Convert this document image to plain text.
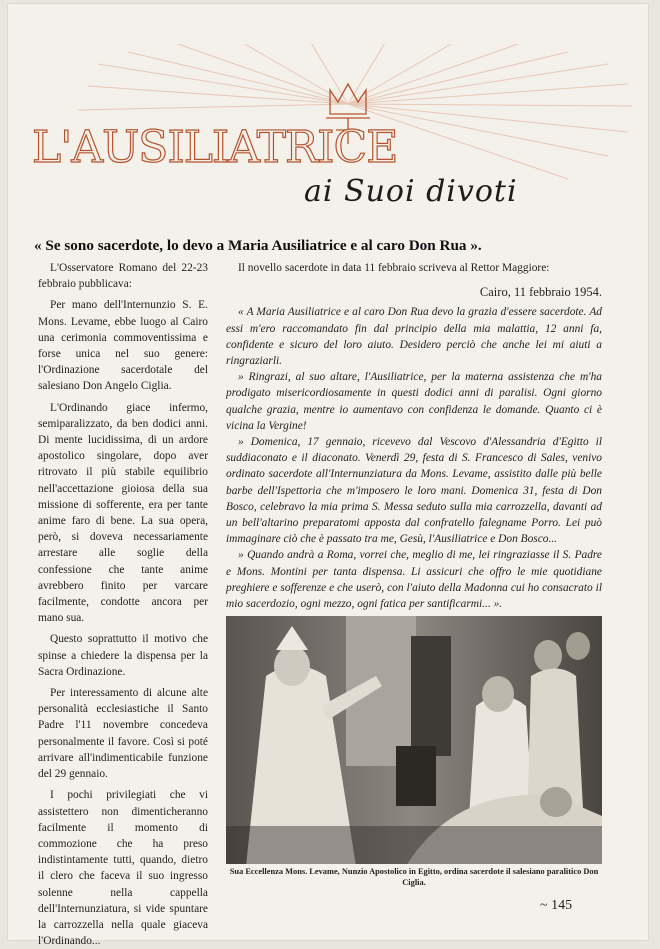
L'AUSILIATRICE
ai Suoi divoti
« Se sono sacerdote, lo devo a Maria Ausiliatrice e al caro Don Rua ».

L'Osservatore Romano del 22-23 febbraio pubblicava:

Per mano dell'Internunzio S. E. Mons. Levame, ebbe luogo al Cairo una cerimonia commoventissima e forse unica nel suo genere: l'Ordinazione sacerdotale del salesiano Don Angelo Ciglia.

L'Ordinando giace infermo, semiparalizzato, da ben dodici anni. Di mente lucidissima, di un ardore apostolico singolare, dopo aver ritrovato il più stabile equilibrio nell'accettazione gioiosa della sua missione di sofferente, era per tante anime faro di bene. La sua opera, però, si doveva necessariamente arrestare alle soglie della confessione che tante anime avrebbero finito per varcare facilmente, condotte ancora per mano sua.

Questo soprattutto il motivo che spinse a chiedere la dispensa per la Sacra Ordinazione.

Per interessamento di alcune alte personalità ecclesiastiche il Santo Padre l'11 novembre concedeva personalmente il favore. Così si poté arrivare all'indimenticabile funzione del 29 gennaio.

I pochi privilegiati che vi assistettero non dimenticheranno facilmente il momento di commozione che ha preso indistintamente tutti, quando, dietro il clero che faceva il suo ingresso solenne nella cappella dell'Internunziatura, si vide spuntare la carrozzella nella quale giaceva l'Ordinando...

Il novello sacerdote in data 11 febbraio scriveva al Rettor Maggiore:

Cairo, 11 febbraio 1954.

« A Maria Ausiliatrice e al caro Don Rua devo la grazia d'essere sacerdote. Ad essi m'ero raccomandato fin dal principio della mia malattia, 12 anni fa, confidente e sicuro del loro aiuto. Desidero perciò che anche lei mi aiuti a ringraziarli.

» Ringrazi, al suo altare, l'Ausiliatrice, per la materna assistenza che m'ha prodigato misericordiosamente in questi dodici anni di paralisi. Ogni giorno qualche grazia, mentre io aumentavo con confidenza le domande. Quanto ci è vicina la Vergine!

» Domenica, 17 gennaio, ricevevo dal Vescovo d'Alessandria d'Egitto il suddiaconato e il diaconato. Venerdì 29, festa di S. Francesco di Sales, venivo ordinato sacerdote all'Internunziatura da Mons. Levame, assistito dalle più belle barbe dell'Ispettoria che m'imposero le loro mani. Domenica 31, festa di Don Bosco, celebravo la mia prima S. Messa seduto sulla mia carrozzella, davanti ad un bell'altarino preparatomi apposta dal confratello falegname Porro. Lei può immaginare ciò che è passato tra me, Gesù, l'Ausiliatrice e Don Bosco...

» Quando andrà a Roma, vorrei che, meglio di me, lei ringraziasse il S. Padre e Mons. Montini per tanta dispensa. Li assicuri che offro le mie quotidiane preghiere e sofferenze e che userò, con l'aiuto della Madonna cui ho consacrato il mio sacerdozio, ogni mezzo, ogni fatica per santificarmi... ».

Sua Eccellenza Mons. Levame, Nunzio Apostolico in Egitto, ordina sacerdote il salesiano paralitico Don Ciglia.
~ 145
